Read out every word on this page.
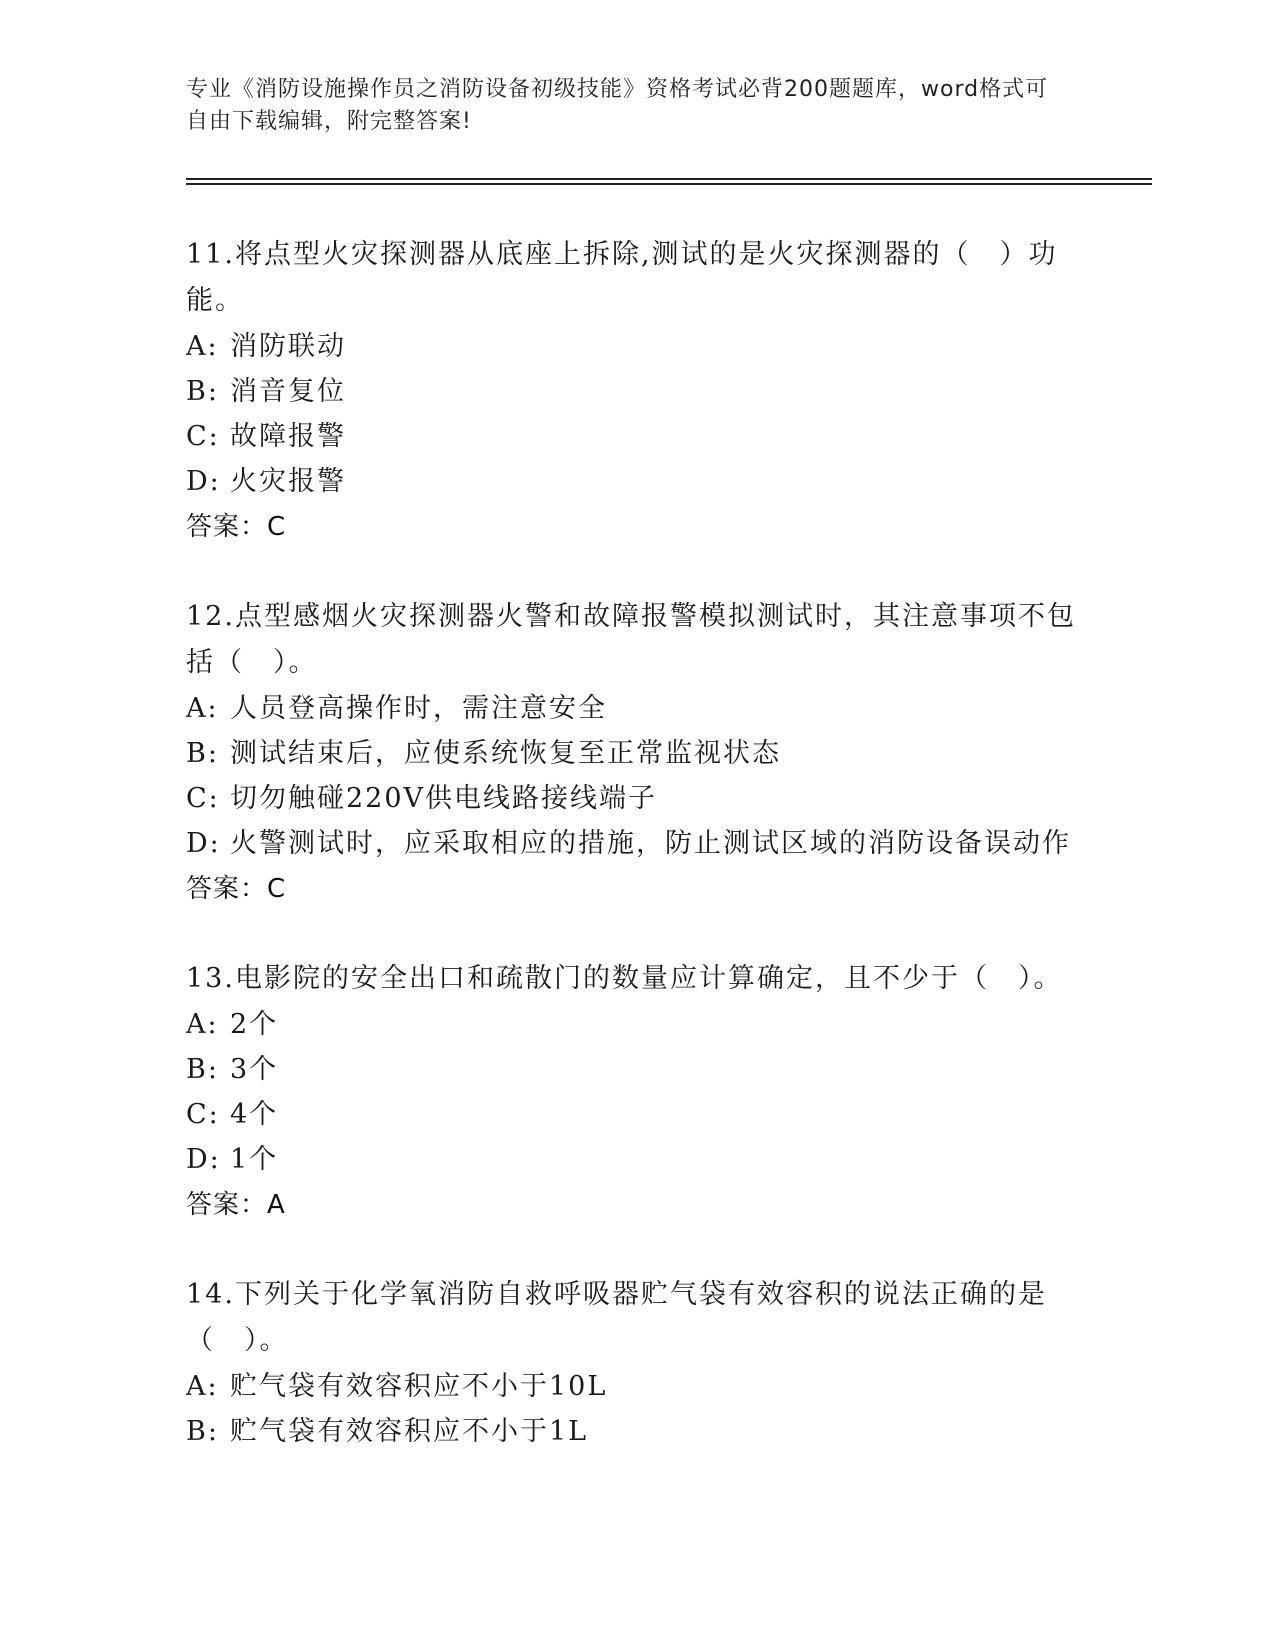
专业《消防设施操作员之消防设备初级技能》资格考试必背200题题库，word格式可自由下载编辑，附完整答案!
11.将点型火灾探测器从底座上拆除,测试的是火灾探测器的（　）功能。
A: 消防联动
B: 消音复位
C: 故障报警
D: 火灾报警
答案：C
12.点型感烟火灾探测器火警和故障报警模拟测试时，其注意事项不包括（　）。
A: 人员登高操作时，需注意安全
B: 测试结束后，应使系统恢复至正常监视状态
C: 切勿触碰220V供电线路接线端子
D: 火警测试时，应采取相应的措施，防止测试区域的消防设备误动作
答案：C
13.电影院的安全出口和疏散门的数量应计算确定，且不少于（　）。
A: 2个
B: 3个
C: 4个
D: 1个
答案：A
14.下列关于化学氧消防自救呼吸器贮气袋有效容积的说法正确的是（　）。
A: 贮气袋有效容积应不小于10L
B: 贮气袋有效容积应不小于1L
